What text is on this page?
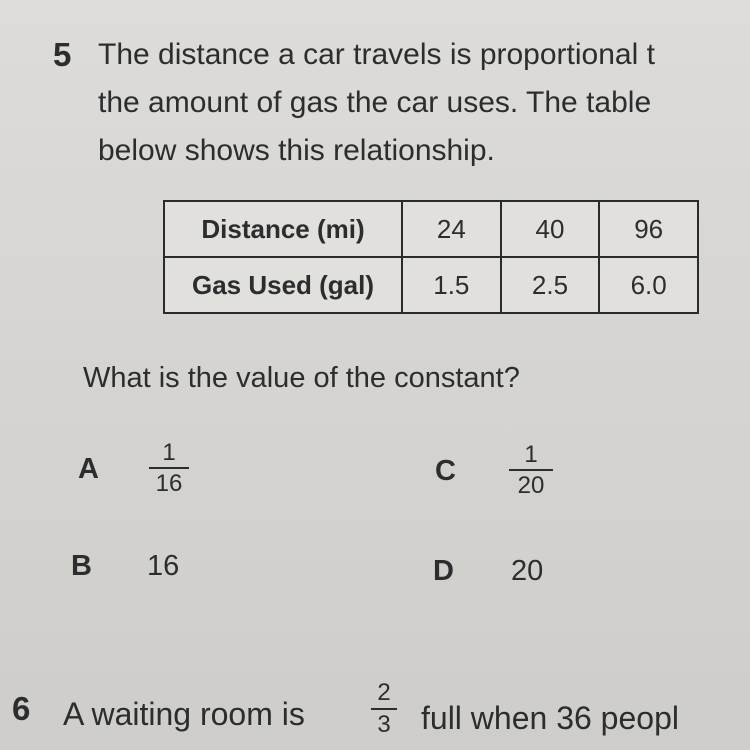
5 The distance a car travels is proportional t
the amount of gas the car uses. The table
below shows this relationship.
Distance (mi)	24	40	96
Gas Used (gal)	1.5	2.5	6.0
What is the value of the constant?
A
1
16	C
1
20
B 16	D 20
6 A waiting room is
2
3 full when 36 peopl
